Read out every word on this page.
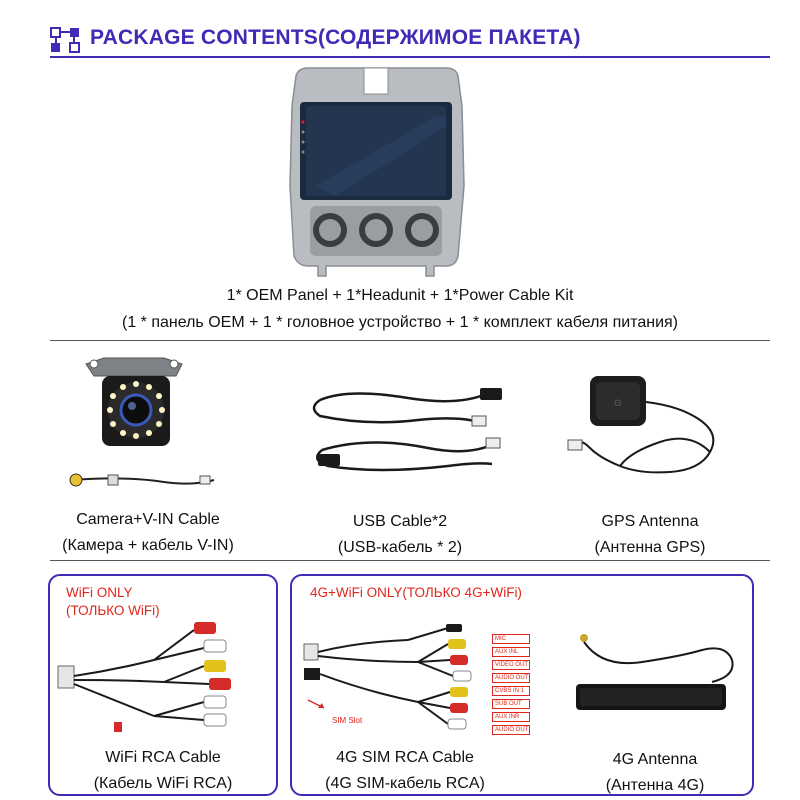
PACKAGE CONTENTS(СОДЕРЖИМОЕ ПАКЕТА)
1* OEM Panel + 1*Headunit + 1*Power Cable Kit
(1 * панель OEM + 1 * головное устройство + 1 * комплект кабеля питания)
Camera+V-IN Cable
(Камера + кабель V-IN)
USB Cable*2
(USB-кабель * 2)
⊙
GPS Antenna
(Антенна GPS)
WiFi ONLY
(ТОЛЬКО WiFi)
WiFi RCA Cable
(Кабель WiFi RCA)
4G+WiFi ONLY(ТОЛЬКО 4G+WiFi)
SIM Slot
MIC
AUX INL
VIDEO OUT
AUDIO OUT
CVBS IN 1
SUB OUT
AUX INR
AUDIO OUT
4G SIM RCA Cable
(4G SIM-кабель RCA)
4G Antenna
(Антенна 4G)
